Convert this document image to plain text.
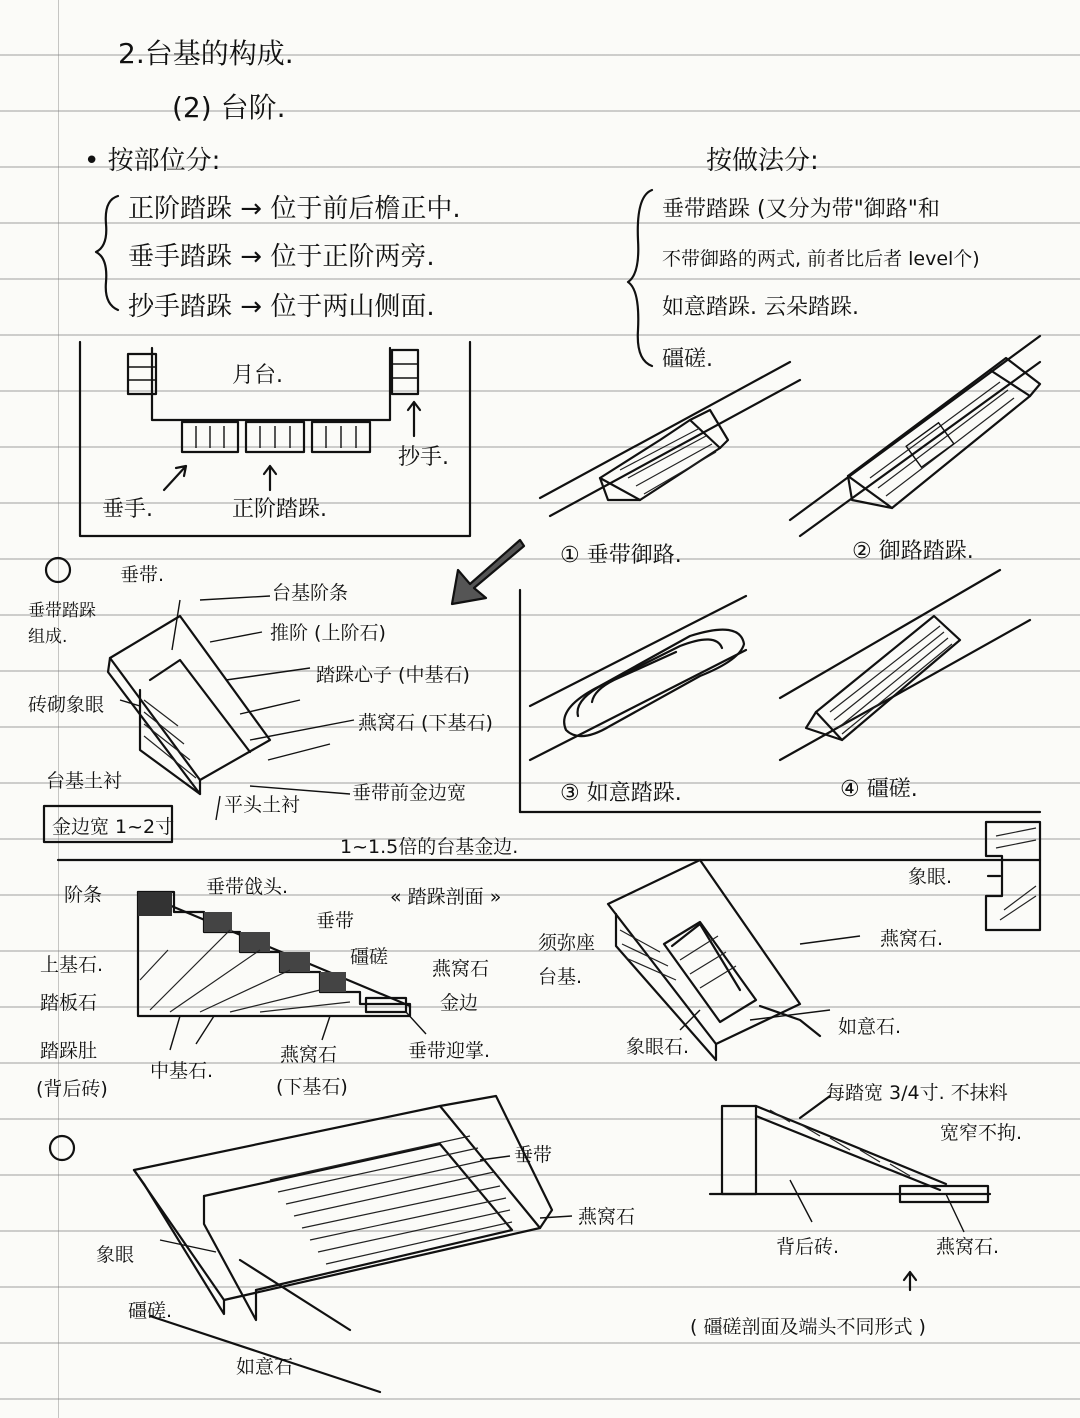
2.台基的构成.
(2) 台阶.
• 按部位分:
正阶踏跺 → 位于前后檐正中.
垂手踏跺 → 位于正阶两旁.
抄手踏跺 → 位于两山侧面.
按做法分:
垂带踏跺 (又分为带"御路"和
不带御路的两式, 前者比后者 level个)
如意踏跺. 云朵踏跺.
礓磋.
月台.
垂手.	正阶踏跺.
抄手.
① 垂带御路.	② 御路踏跺.
③ 如意踏跺.	④ 礓磋.
垂带踏跺 组成.
垂带.
台基阶条
推阶 (上阶石)
踏跺心子 (中基石)
燕窝石 (下基石)
砖砌象眼
台基土衬
平头土衬
垂带前金边宽
1~1.5倍的台基金边.
金边宽 1~2寸
« 踏跺剖面 »
阶条
上基石.
踏板石
踏跺肚
(背后砖)
垂带戗头.
垂带
礓磋
燕窝石
金边
中基石.
燕窝石
(下基石)
垂带迎掌.
须弥座 台基.
象眼.
燕窝石.
象眼石.
如意石.
垂带
燕窝石
象眼
礓磋.
如意石
每踏宽 3/4寸. 不抹料
宽窄不拘.
背后砖.	燕窝石.
( 礓磋剖面及端头不同形式 )
